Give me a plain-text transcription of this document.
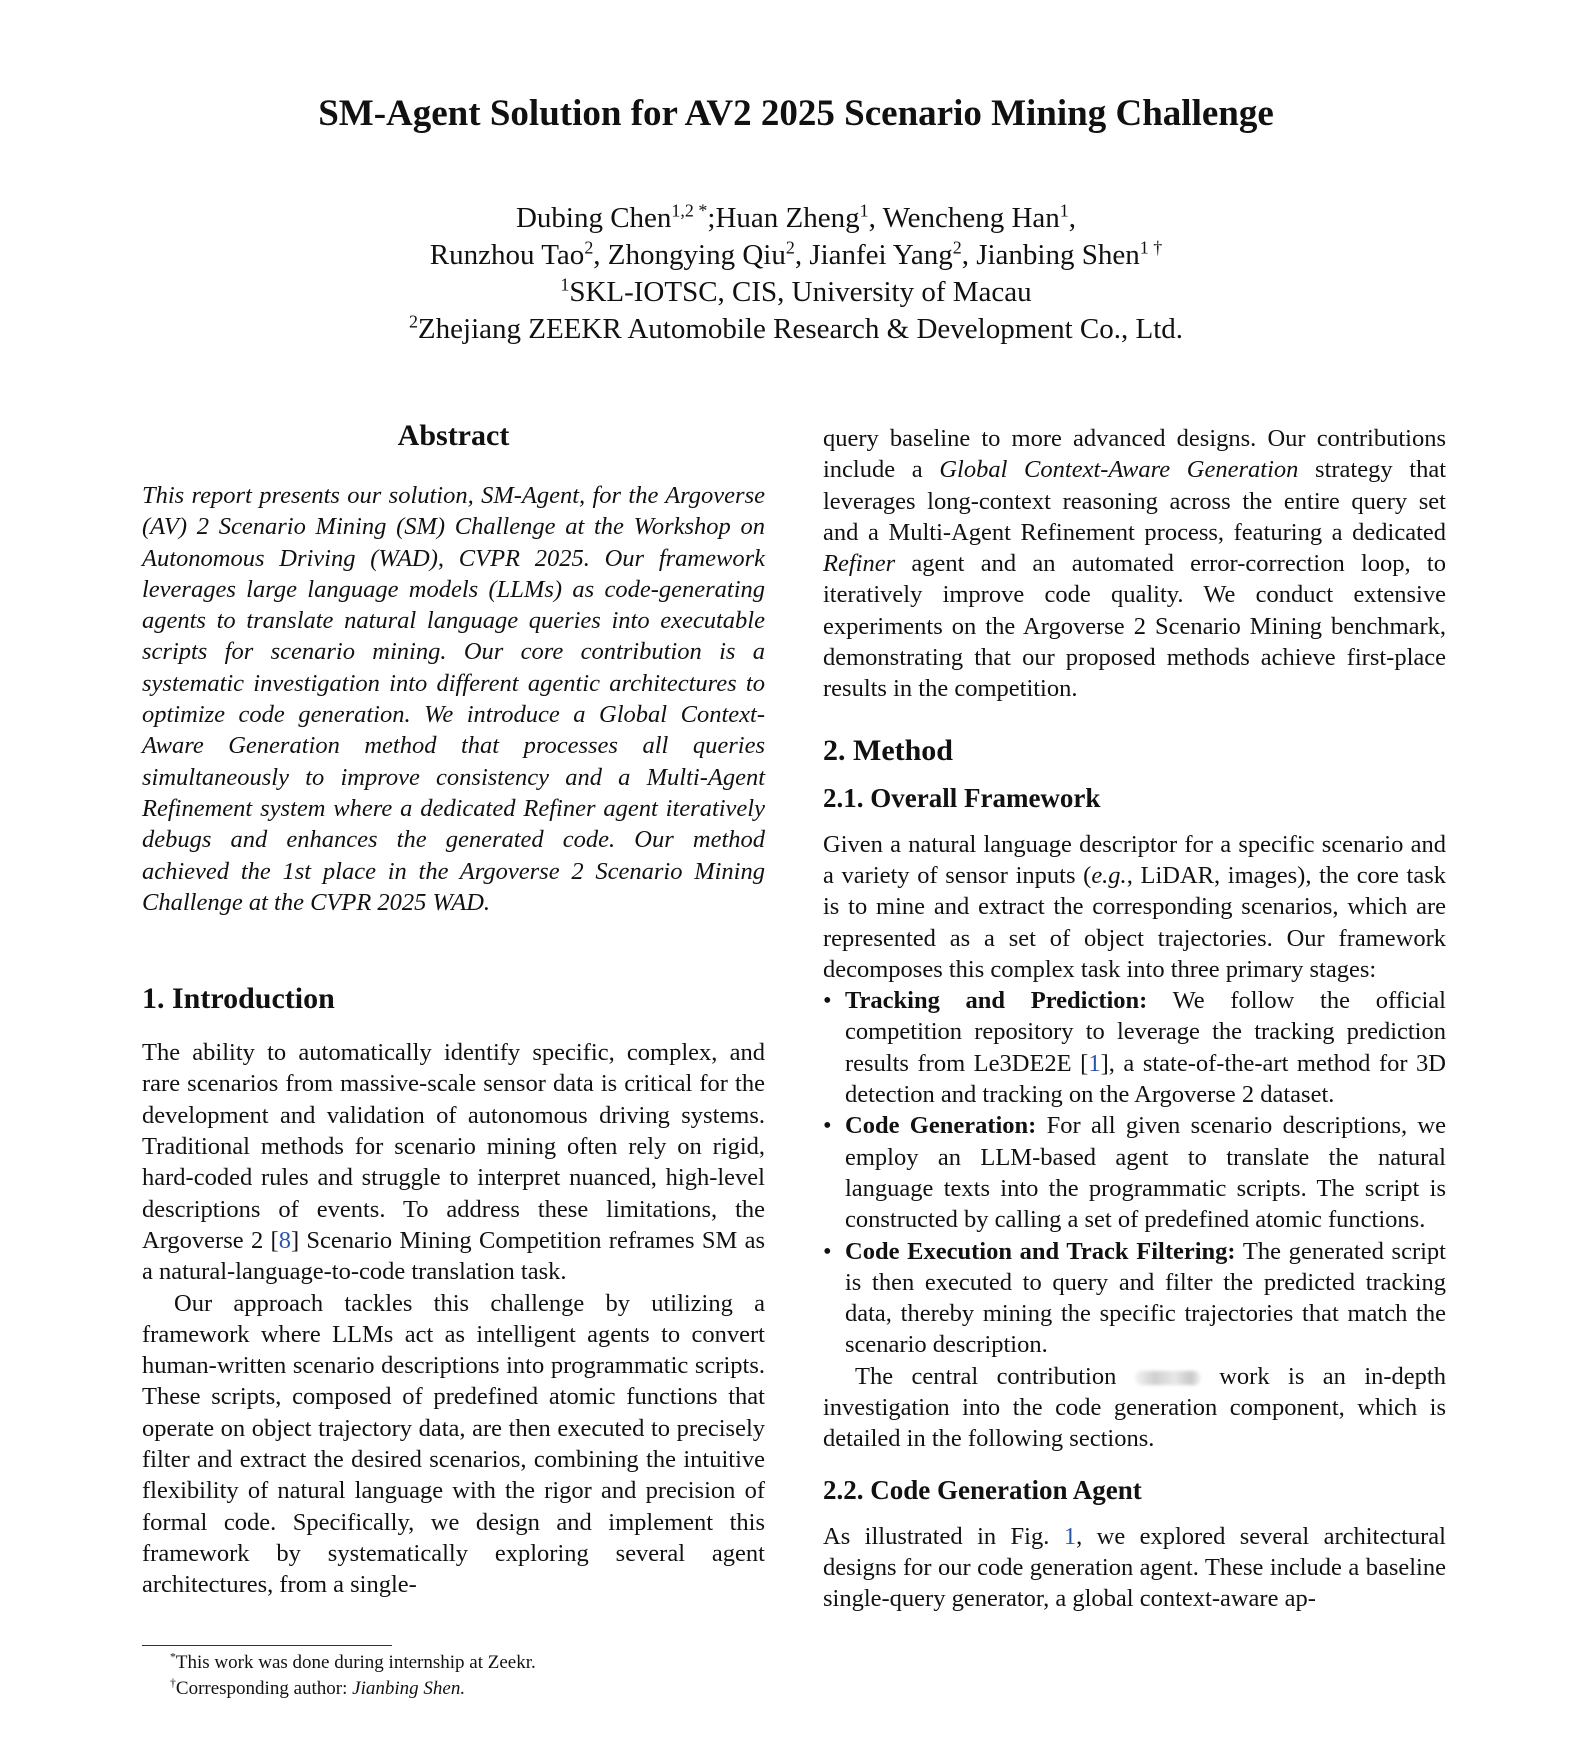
SM-Agent Solution for AV2 2025 Scenario Mining Challenge
Dubing Chen$^{1,2}$ *;Huan Zheng$^1$, Wencheng Han$^1$,
Runzhou Tao$^2$, Zhongying Qiu$^2$, Jianfei Yang$^2$, Jianbing Shen$^{1 \dagger}$
$^1$SKL-IOTSC, CIS, University of Macau
$^2$Zhejiang ZEEKR Automobile Research & Development Co., Ltd.
Abstract

This report presents our solution, SM-Agent, for the Argoverse (AV) 2 Scenario Mining (SM) Challenge at the Workshop on Autonomous Driving (WAD), CVPR 2025. Our framework leverages large language models (LLMs) as code-generating agents to translate natural language queries into executable scripts for scenario mining. Our core contribution is a systematic investigation into different agentic architectures to optimize code generation. We introduce a Global Context-Aware Generation method that processes all queries simultaneously to improve consistency and a Multi-Agent Refinement system where a dedicated Refiner agent iteratively debugs and enhances the generated code. Our method achieved the 1st place in the Argoverse 2 Scenario Mining Challenge at the CVPR 2025 WAD.

1. Introduction

The ability to automatically identify specific, complex, and rare scenarios from massive-scale sensor data is critical for the development and validation of autonomous driving systems. Traditional methods for scenario mining often rely on rigid, hard-coded rules and struggle to interpret nuanced, high-level descriptions of events. To address these limitations, the Argoverse 2 [8] Scenario Mining Competition reframes SM as a natural-language-to-code translation task.

Our approach tackles this challenge by utilizing a framework where LLMs act as intelligent agents to convert human-written scenario descriptions into programmatic scripts. These scripts, composed of predefined atomic functions that operate on object trajectory data, are then executed to precisely filter and extract the desired scenarios, combining the intuitive flexibility of natural language with the rigor and precision of formal code. Specifically, we design and implement this framework by systematically exploring several agent architectures, from a single-

query baseline to more advanced designs. Our contributions include a Global Context-Aware Generation strategy that leverages long-context reasoning across the entire query set and a Multi-Agent Refinement process, featuring a dedicated Refiner agent and an automated error-correction loop, to iteratively improve code quality. We conduct extensive experiments on the Argoverse 2 Scenario Mining benchmark, demonstrating that our proposed methods achieve first-place results in the competition.

2. Method
2.1. Overall Framework

Given a natural language descriptor for a specific scenario and a variety of sensor inputs (e.g., LiDAR, images), the core task is to mine and extract the corresponding scenarios, which are represented as a set of object trajectories. Our framework decomposes this complex task into three primary stages:

• Tracking and Prediction: We follow the official competition repository to leverage the tracking prediction results from Le3DE2E [1], a state-of-the-art method for 3D detection and tracking on the Argoverse 2 dataset.
• Code Generation: For all given scenario descriptions, we employ an LLM-based agent to translate the natural language texts into the programmatic scripts. The script is constructed by calling a set of predefined atomic functions.
• Code Execution and Track Filtering: The generated script is then executed to query and filter the predicted tracking data, thereby mining the specific trajectories that match the scenario description.

The central contribution	work is an in-depth investigation into the code generation component, which is detailed in the following sections.

2.2. Code Generation Agent

As illustrated in Fig. 1, we explored several architectural designs for our code generation agent. These include a baseline single-query generator, a global context-aware ap-

*This work was done during internship at Zeekr.
†Corresponding author: Jianbing Shen.
